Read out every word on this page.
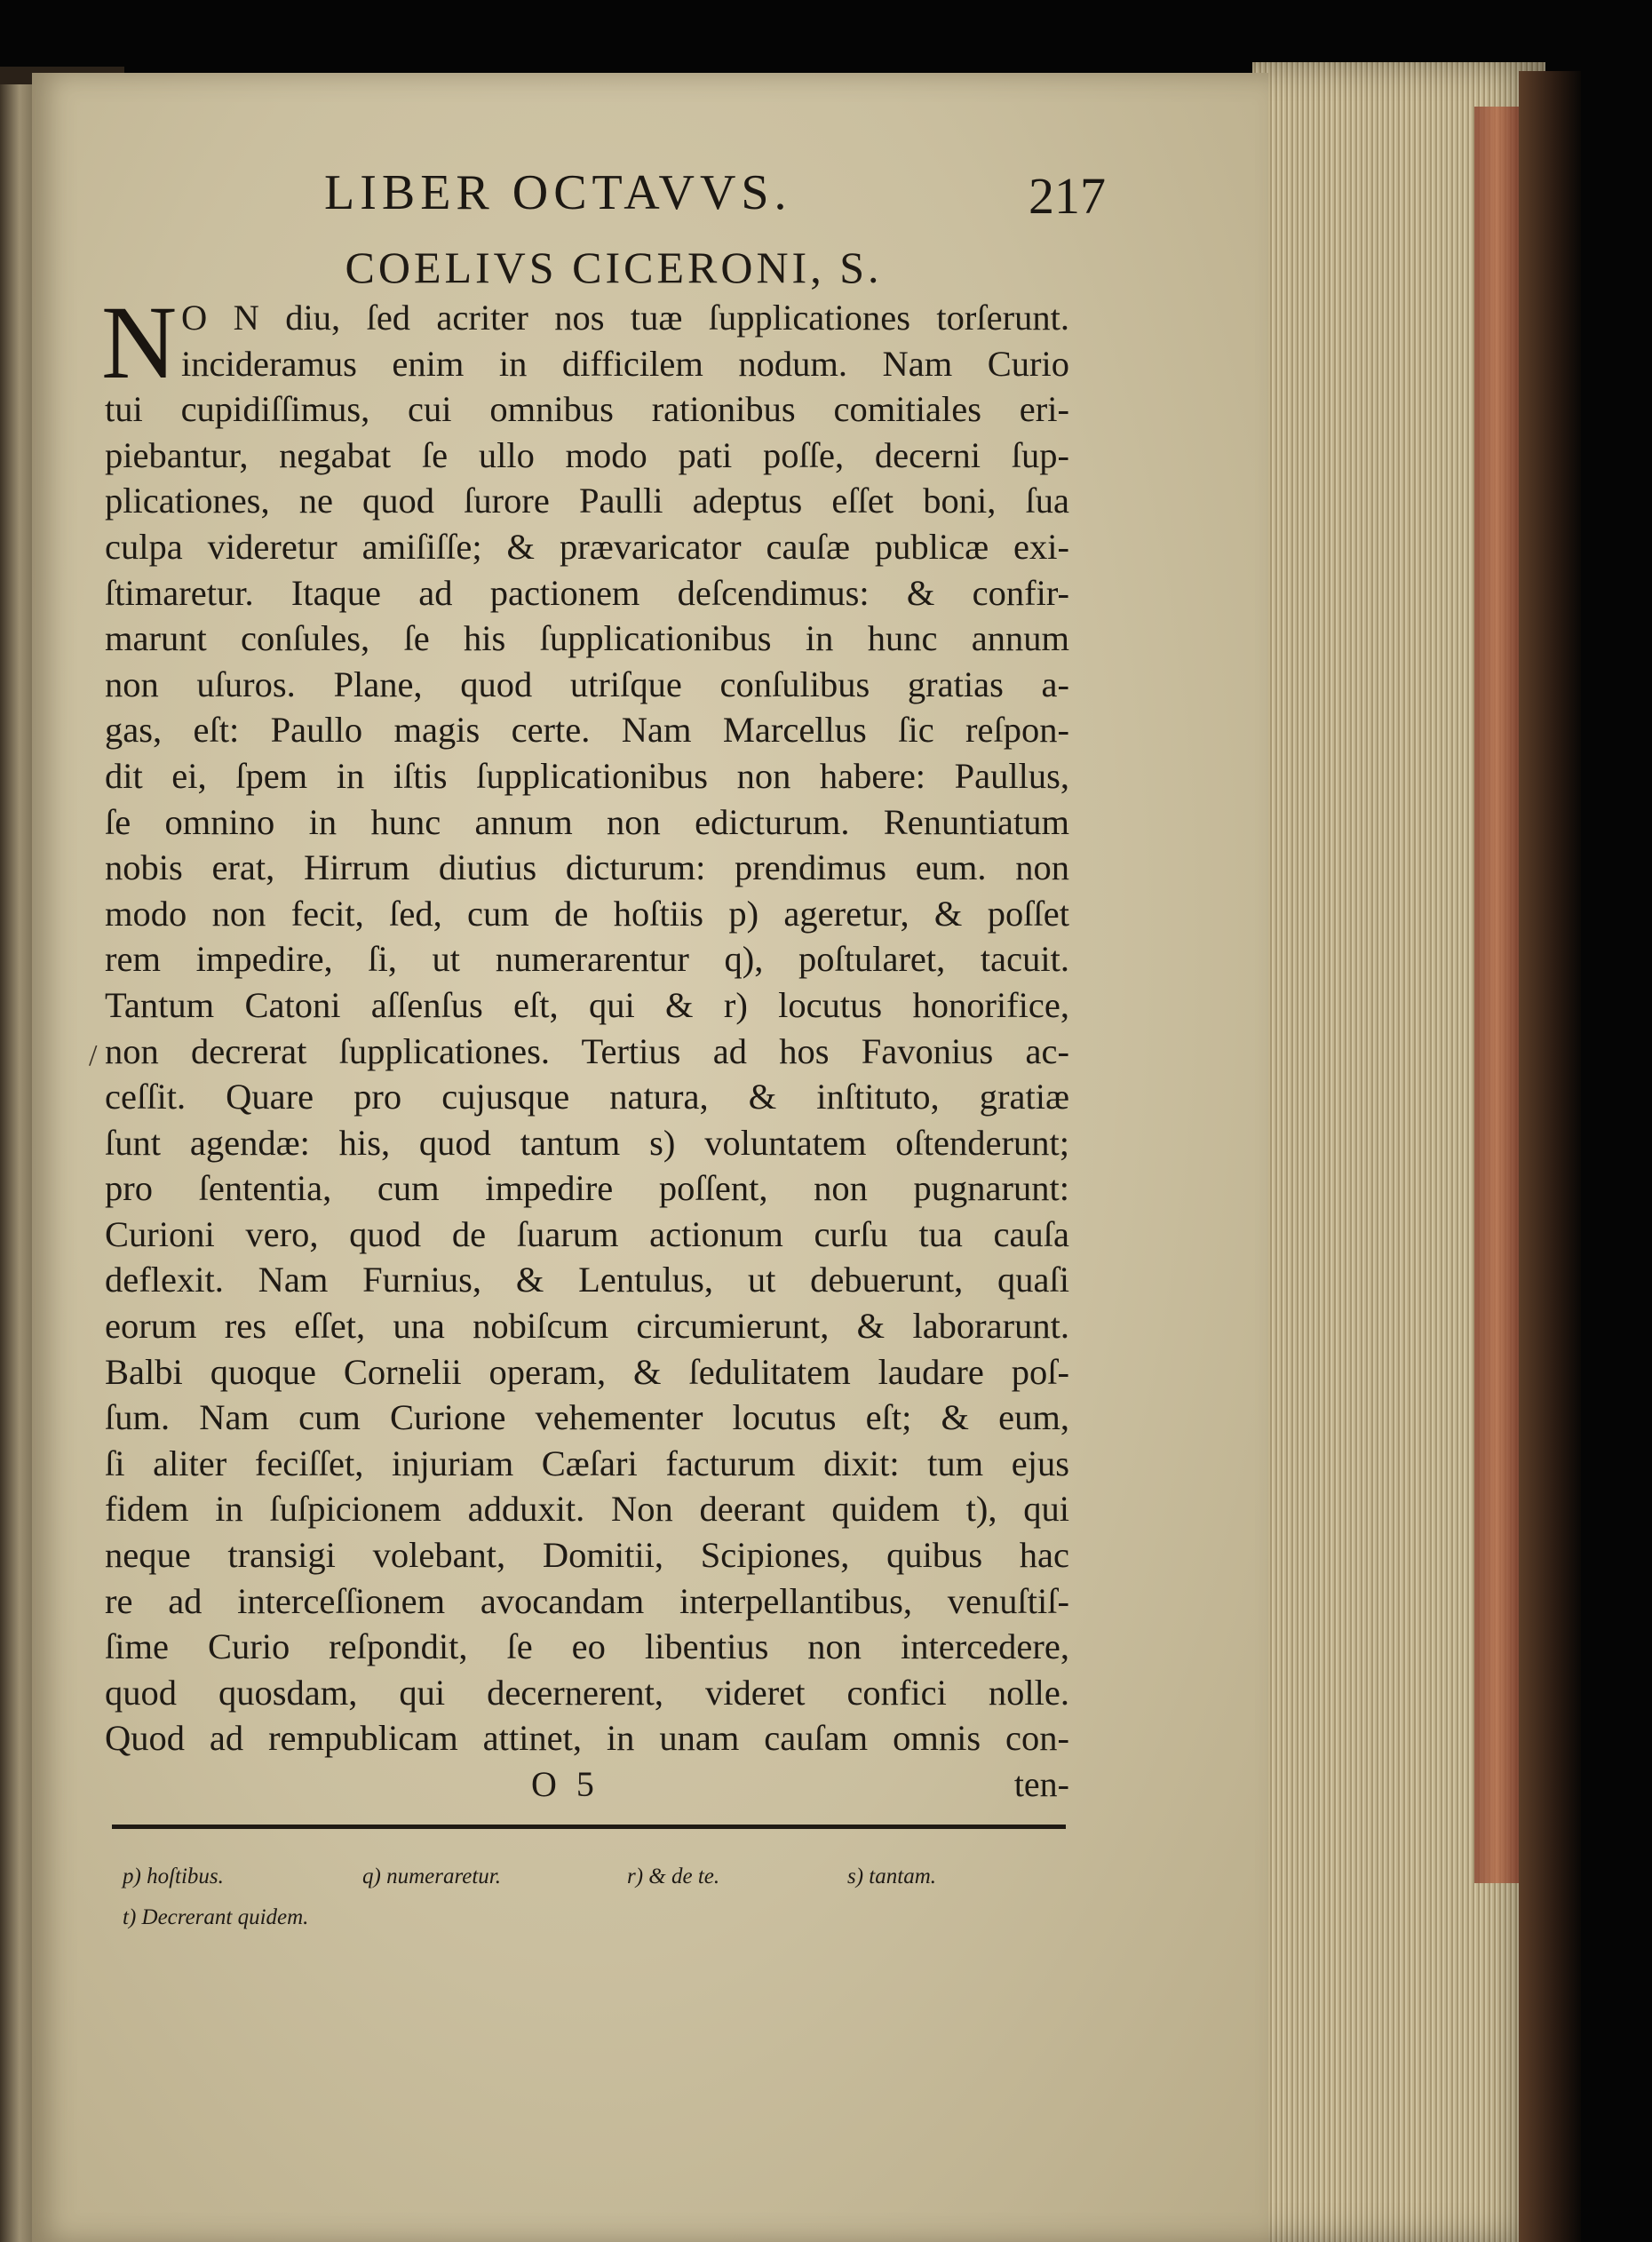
LIBER OCTAVVS.	217
/
COELIVS CICERONI, S.
N O N diu, ſed acriter nos tuæ ſupplicationes torſerunt.
incideramus enim in difficilem nodum. Nam Curio
tui cupidiſſimus, cui omnibus rationibus comitiales eri-
piebantur, negabat ſe ullo modo pati poſſe, decerni ſup-
plicationes, ne quod ſurore Paulli adeptus eſſet boni, ſua
culpa videretur amiſiſſe; & prævaricator cauſæ publicæ exi-
ſtimaretur. Itaque ad pactionem deſcendimus: & confir-
marunt conſules, ſe his ſupplicationibus in hunc annum
non uſuros. Plane, quod utriſque conſulibus gratias a-
gas, eſt: Paullo magis certe. Nam Marcellus ſic reſpon-
dit ei, ſpem in iſtis ſupplicationibus non habere: Paullus,
ſe omnino in hunc annum non edicturum. Renuntiatum
nobis erat, Hirrum diutius dicturum: prendimus eum. non
modo non fecit, ſed, cum de hoſtiis p) ageretur, & poſſet
rem impedire, ſi, ut numerarentur q), poſtularet, tacuit.
Tantum Catoni aſſenſus eſt, qui & r) locutus honorifice,
non decrerat ſupplicationes. Tertius ad hos Favonius ac-
ceſſit. Quare pro cujusque natura, & inſtituto, gratiæ
ſunt agendæ: his, quod tantum s) voluntatem oſtenderunt;
pro ſententia, cum impedire poſſent, non pugnarunt:
Curioni vero, quod de ſuarum actionum curſu tua cauſa
deflexit. Nam Furnius, & Lentulus, ut debuerunt, quaſi
eorum res eſſet, una nobiſcum circumierunt, & laborarunt.
Balbi quoque Cornelii operam, & ſedulitatem laudare poſ-
ſum. Nam cum Curione vehementer locutus eſt; & eum,
ſi aliter feciſſet, injuriam Cæſari facturum dixit: tum ejus
fidem in ſuſpicionem adduxit. Non deerant quidem t), qui
neque transigi volebant, Domitii, Scipiones, quibus hac
re ad interceſſionem avocandam interpellantibus, venuſtiſ-
ſime Curio reſpondit, ſe eo libentius non intercedere,
quod quosdam, qui decernerent, videret confici nolle.
Quod ad rempublicam attinet, in unam cauſam omnis con-
O 5	ten-
p) hoſtibus.	q) numeraretur.	r) & de te.	s) tantam.
t) Decrerant quidem.
